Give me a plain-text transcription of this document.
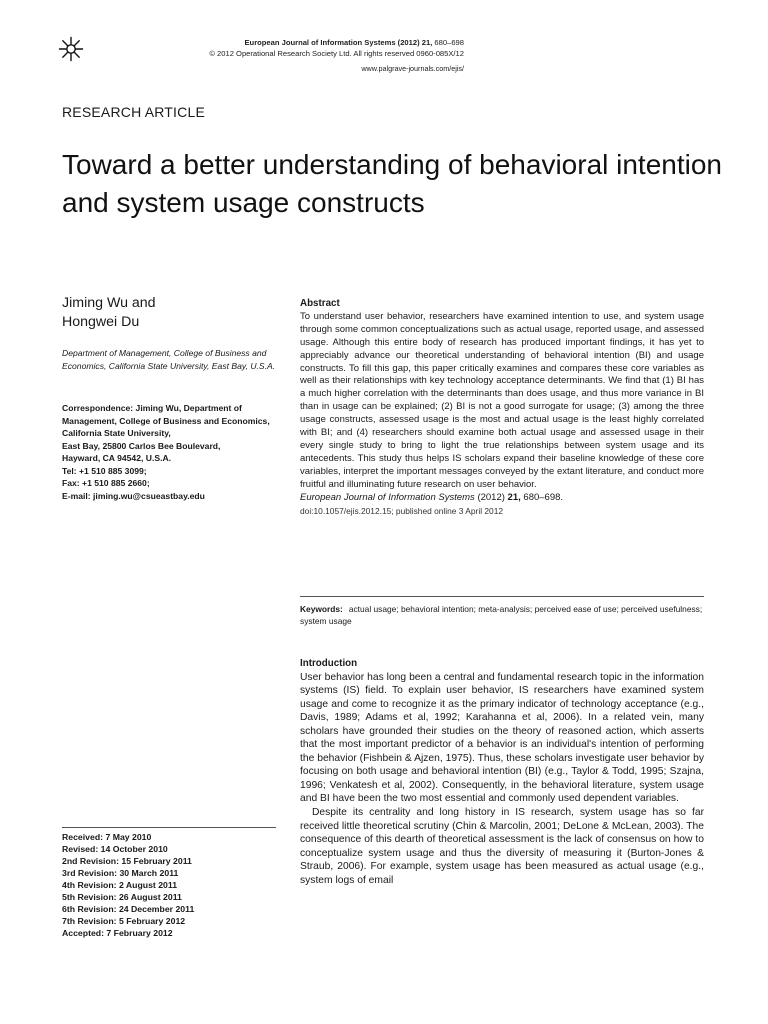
European Journal of Information Systems (2012) 21, 680–698
© 2012 Operational Research Society Ltd. All rights reserved 0960-085X/12
www.palgrave-journals.com/ejis/
RESEARCH ARTICLE
Toward a better understanding of behavioral intention and system usage constructs
Jiming Wu and
Hongwei Du
Department of Management, College of Business and Economics, California State University, East Bay, U.S.A.
Correspondence: Jiming Wu, Department of Management, College of Business and Economics, California State University,
East Bay, 25800 Carlos Bee Boulevard,
Hayward, CA 94542, U.S.A.
Tel: +1 510 885 3099;
Fax: +1 510 885 2660;
E-mail: jiming.wu@csueastbay.edu
Abstract

To understand user behavior, researchers have examined intention to use, and system usage through some common conceptualizations such as actual usage, reported usage, and assessed usage. Although this entire body of research has produced important findings, it has yet to appreciably advance our theoretical understanding of behavioral intention (BI) and usage constructs. To fill this gap, this paper critically examines and compares these core variables as well as their relationships with key technology acceptance determinants. We find that (1) BI has a much higher correlation with the determinants than does usage, and thus more variance in BI than in usage can be explained; (2) BI is not a good surrogate for usage; (3) among the three usage constructs, assessed usage is the most and actual usage is the least highly correlated with BI; and (4) researchers should examine both actual usage and assessed usage in their every single study to bring to light the true relationships between system usage and its antecedents. This study thus helps IS scholars expand their baseline knowledge of these core variables, interpret the important messages conveyed by the extant literature, and conduct more fruitful and illuminating future research on user behavior.

European Journal of Information Systems (2012) 21, 680–698.

doi:10.1057/ejis.2012.15; published online 3 April 2012

Keywords: actual usage; behavioral intention; meta-analysis; perceived ease of use; perceived usefulness; system usage
Introduction

User behavior has long been a central and fundamental research topic in the information systems (IS) field. To explain user behavior, IS researchers have examined system usage and come to recognize it as the primary indicator of technology acceptance (e.g., Davis, 1989; Adams et al, 1992; Karahanna et al, 2006). In a related vein, many scholars have grounded their studies on the theory of reasoned action, which asserts that the most important predictor of a behavior is an individual's intention of performing the behavior (Fishbein & Ajzen, 1975). Thus, these scholars investigate user behavior by focusing on both usage and behavioral intention (BI) (e.g., Taylor & Todd, 1995; Szajna, 1996; Venkatesh et al, 2002). Consequently, in the behavioral literature, system usage and BI have been the two most essential and commonly used dependent variables.

Despite its centrality and long history in IS research, system usage has so far received little theoretical scrutiny (Chin & Marcolin, 2001; DeLone & McLean, 2003). The consequence of this dearth of theoretical assessment is the lack of consensus on how to conceptualize system usage and thus the diversity of measuring it (Burton-Jones & Straub, 2006). For example, system usage has been measured as actual usage (e.g., system logs of email

Received: 7 May 2010
Revised: 14 October 2010
2nd Revision: 15 February 2011
3rd Revision: 30 March 2011
4th Revision: 2 August 2011
5th Revision: 26 August 2011
6th Revision: 24 December 2011
7th Revision: 5 February 2012
Accepted: 7 February 2012
